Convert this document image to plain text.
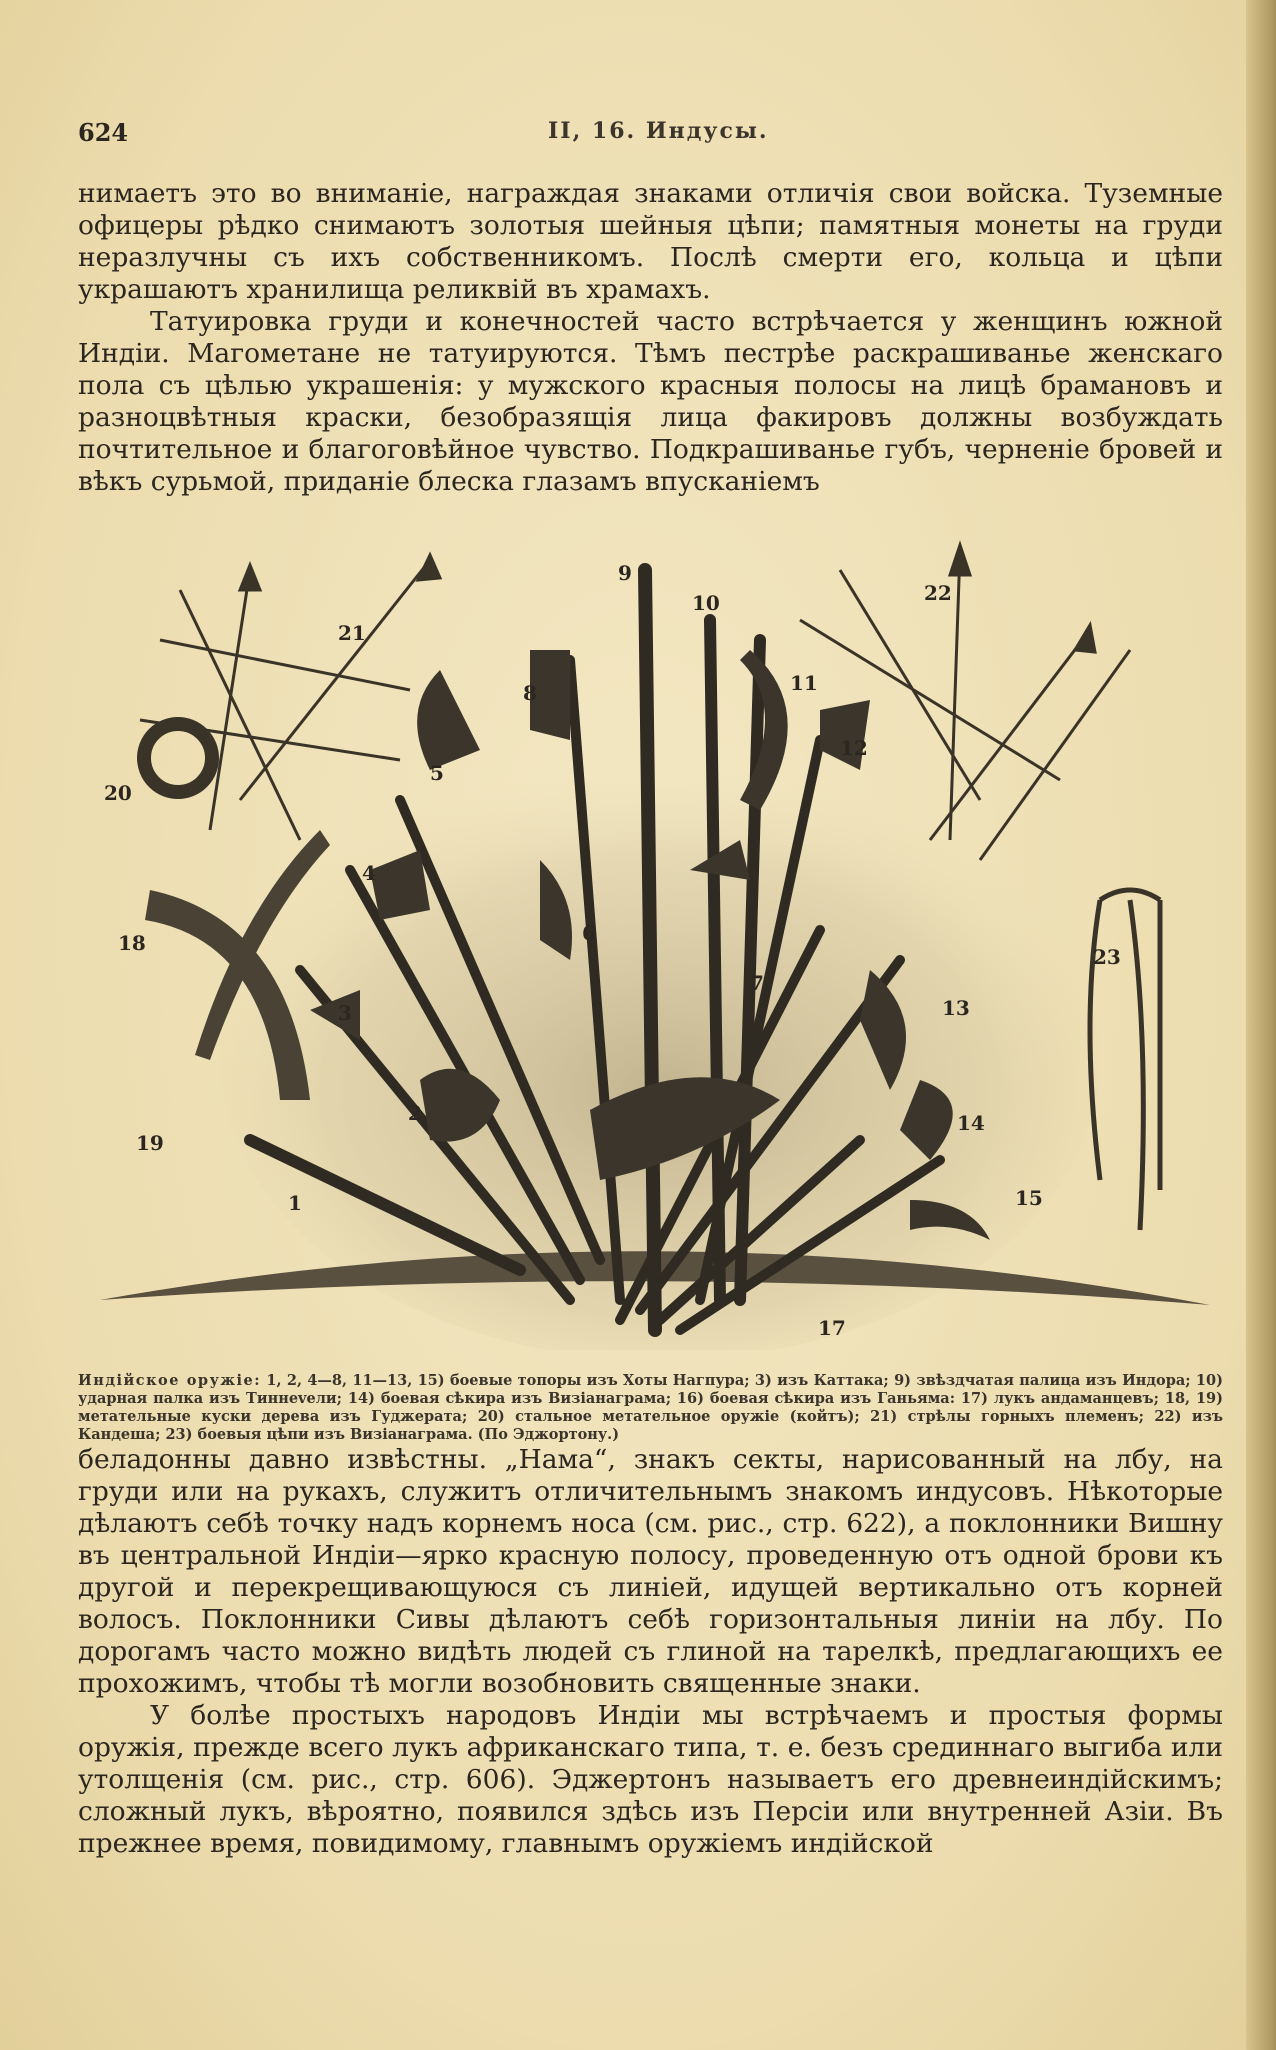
624	II, 16. Индусы.

нимаетъ это во вниманіе, награждая знаками отличія свои войска. Туземные офицеры рѣдко снимаютъ золотыя шейныя цѣпи; памятныя монеты на груди неразлучны съ ихъ собственникомъ. Послѣ смерти его, кольца и цѣпи украшаютъ хранилища реликвій въ храмахъ.

Татуировка груди и конечностей часто встрѣчается у женщинъ южной Индіи. Магометане не татуируются. Тѣмъ пестрѣе раскрашиванье женскаго пола съ цѣлью украшенія: у мужского красныя полосы на лицѣ брамановъ и разноцвѣтныя краски, безобразящія лица факировъ должны возбуждать почтительное и благоговѣйное чувство. Подкрашиванье губъ, черненіе бровей и вѣкъ сурьмой, приданіе блеска глазамъ впусканіемъ

1
2
3
4
5
6
7
8
9
10
11
12
13
14
15
17
18
19
20
21
22
23
Индійское оружіе: 1, 2, 4—8, 11—13, 15) боевые топоры изъ Хоты Нагпура; 3) изъ Каттака; 9) звѣздчатая палица изъ Индора; 10) ударная палка изъ Тиннevели; 14) боевая сѣкира изъ Визіанаграма; 16) боевая сѣкира изъ Ганьяма: 17) лукъ андаманцевъ; 18, 19) метательные куски дерева изъ Гуджерата; 20) стальное метательное оружіе (койтъ); 21) стрѣлы горныхъ племенъ; 22) изъ Кандеша; 23) боевыя цѣпи изъ Визіанаграма. (По Эджортону.)

беладонны давно извѣстны. „Нама“, знакъ секты, нарисованный на лбу, на груди или на рукахъ, служитъ отличительнымъ знакомъ индусовъ. Нѣкоторые дѣлаютъ себѣ точку надъ корнемъ носа (см. рис., стр. 622), а поклонники Вишну въ центральной Индіи—ярко красную полосу, проведенную отъ одной брови къ другой и перекрещивающуюся съ линіей, идущей вертикально отъ корней волосъ. Поклонники Сивы дѣлаютъ себѣ горизонтальныя линіи на лбу. По дорогамъ часто можно видѣть людей съ глиной на тарелкѣ, предлагающихъ ее прохожимъ, чтобы тѣ могли возобновить священные знаки.

У болѣе простыхъ народовъ Индіи мы встрѣчаемъ и простыя формы оружія, прежде всего лукъ африканскаго типа, т. е. безъ срединнаго выгиба или утолщенія (см. рис., стр. 606). Эджертонъ называетъ его древнеиндійскимъ; сложный лукъ, вѣроятно, появился здѣсь изъ Персіи или внутренней Азіи. Въ прежнее время, повидимому, главнымъ оружіемъ индійской
